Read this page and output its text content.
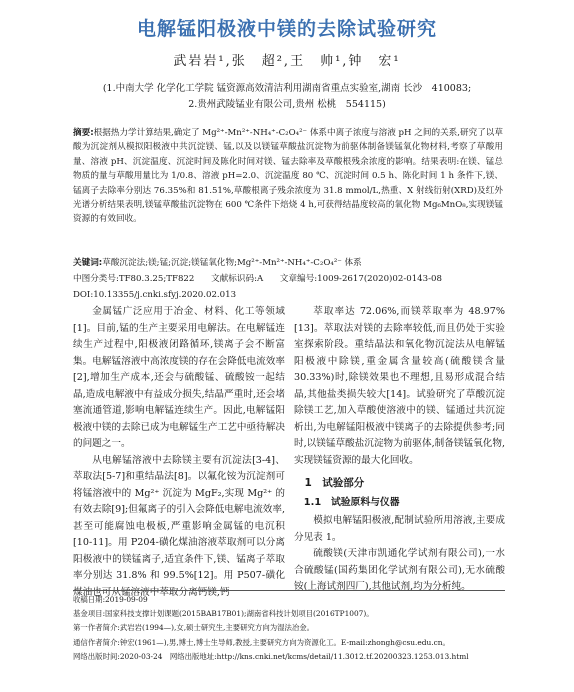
电解锰阳极液中镁的去除试验研究
武岩岩¹,张　超²,王　帅¹,钟　宏¹
(1.中南大学 化学化工学院 锰资源高效清洁利用湖南省重点实验室,湖南 长沙　410083;
2.贵州武陵锰业有限公司,贵州 松桃　554115)
摘要:根据热力学计算结果,确定了 Mg²⁺-Mn²⁺-NH₄⁺-C₂O₄²⁻ 体系中离子浓度与溶液 pH 之间的关系,研究了以草酸为沉淀剂从模拟阳极液中共沉淀镁、锰,以及以镁锰草酸盐沉淀物为前驱体制备镁锰氧化物材料,考察了草酸用量、溶液 pH、沉淀温度、沉淀时间及陈化时间对镁、锰去除率及草酸根残余浓度的影响。结果表明:在镁、锰总物质的量与草酸用量比为 1/0.8、溶液 pH=2.0、沉淀温度 80 ℃、沉淀时间 0.5 h、陈化时间 1 h 条件下,镁、锰离子去除率分别达 76.35%和 81.51%,草酸根离子残余浓度为 31.8 mmol/L,热重、X 射线衍射(XRD)及红外光谱分析结果表明,镁锰草酸盐沉淀物在 600 ℃条件下焙烧 4 h,可获得结晶度较高的氧化物 Mg₆MnO₈,实现镁锰资源的有效回收。
关键词:草酸沉淀法;镁;锰;沉淀;镁锰氧化物;Mg²⁺-Mn²⁺-NH₄⁺-C₂O₄²⁻ 体系
中图分类号:TF80.3.25;TF822 文献标识码:A 文章编号:1009-2617(2020)02-0143-08
DOI:10.13355/j.cnki.sfyj.2020.02.013

金属锰广泛应用于冶金、材料、化工等领域[1]。目前,锰的生产主要采用电解法。在电解锰连续生产过程中,阳极液闭路循环,镁离子会不断富集。电解锰溶液中高浓度镁的存在会降低电流效率[2],增加生产成本,还会与硫酸锰、硫酸铵一起结晶,造成电解液中有益成分损失,结晶严重时,还会堵塞流通管道,影响电解锰连续生产。因此,电解锰阳极液中镁的去除已成为电解锰生产工艺中亟待解决的问题之一。

从电解锰溶液中去除镁主要有沉淀法[3-4]、萃取法[5-7]和重结晶法[8]。以氟化铵为沉淀剂可将锰溶液中的 Mg²⁺ 沉淀为 MgF₂,实现 Mg²⁺ 的有效去除[9];但氟离子的引入会降低电解电流效率,甚至可能腐蚀电极板,严重影响金属锰的电沉积[10-11]。用 P204-磺化煤油溶液萃取剂可以分离阳极液中的镁锰离子,适宜条件下,镁、锰离子萃取率分别达 31.8% 和 99.5%[12]。用 P507-磺化煤油也可从锰溶液中萃取分离钙镁,钙

萃取率达 72.06%,而镁萃取率为 48.97%[13]。萃取法对镁的去除率较低,而且仍处于实验室探索阶段。重结晶法和氧化物沉淀法从电解锰阳极液中除镁,重金属含量较高(硫酸镁含量 30.33%)时,除镁效果也不理想,且易形成混合结晶,其他盐类损失较大[14]。试验研究了草酸沉淀除镁工艺,加入草酸使溶液中的镁、锰通过共沉淀析出,为电解锰阳极液中镁离子的去除提供参考;同时,以镁锰草酸盐沉淀物为前驱体,制备镁锰氧化物,实现镁锰资源的最大化回收。

1　试验部分
1.1　试验原料与仪器

模拟电解锰阳极液,配制试验所用溶液,主要成分见表 1。

硫酸镁(天津市凯通化学试剂有限公司),一水合硫酸锰(国药集团化学试剂有限公司),无水硫酸铵(上海试剂四厂),其他试剂,均为分析纯。

收稿日期:2019-09-09
基金项目:国家科技支撑计划课题(2015BAB17B01);湖南省科技计划项目(2016TP1007)。
第一作者简介:武岩岩(1994—),女,硕士研究生,主要研究方向为湿法冶金。
通信作者简介:钟宏(1961—),男,博士,博士生导师,教授,主要研究方向为资源化工。E-mail:zhongh@csu.edu.cn。
网络出版时间:2020-03-24　网络出版地址:http://kns.cnki.net/kcms/detail/11.3012.tf.20200323.1253.013.html
